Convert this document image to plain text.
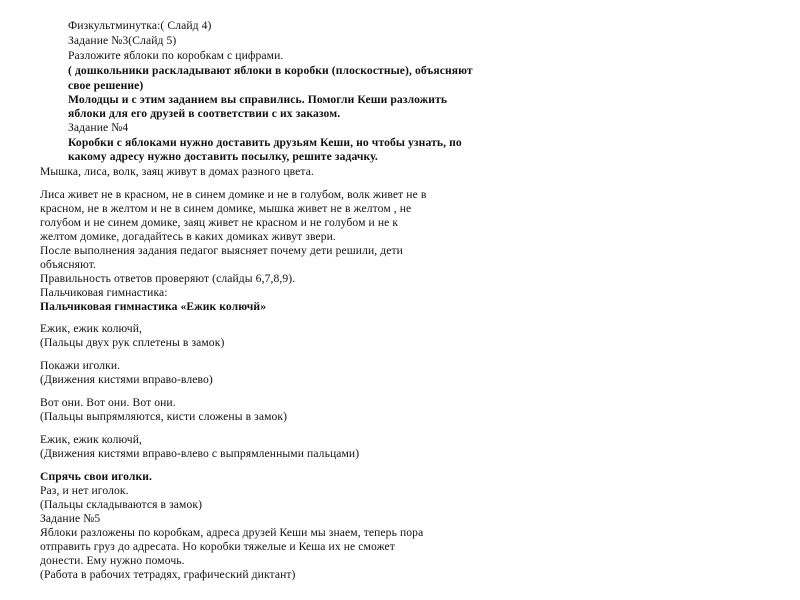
Физкультминутка:( Слайд 4)

Задание №3(Слайд 5)

Разложите яблоки по коробкам с цифрами.

( дошкольники раскладывают яблоки в коробки (плоскостные), объясняют

свое решение)

Молодцы и с этим заданием вы справились. Помогли Кеши разложить

яблоки для его друзей в соответствии с их заказом.

Задание №4

Коробки с яблоками нужно доставить друзьям Кеши, но чтобы узнать, по

какому адресу нужно доставить посылку, решите задачку.

Мышка, лиса, волк, заяц живут в домах разного цвета.

Лиса живет не в красном, не в синем домике и не в голубом, волк живет не в

красном, не в желтом и не в синем домике, мышка живет не в желтом , не

голубом и не синем домике, заяц живет не красном и не голубом и не к

желтом домике, догадайтесь в каких домиках живут звери.

После выполнения задания педагог выясняет почему дети решили, дети

объясняют.

Правильность ответов проверяют (слайды 6,7,8,9).

Пальчиковая гимнастика:

Пальчиковая гимнастика «Ежик колючй»

Ежик, ежик колючй,

(Пальцы двух рук сплетены в замок)

Покажи иголки.

(Движения кистями вправо-влево)

Вот они. Вот они. Вот они.

(Пальцы выпрямляются, кисти сложены в замок)

Ежик, ежик колючй,

(Движения кистями вправо-влево с выпрямленными пальцами)

Спрячь свои иголки.

Раз, и нет иголок.

(Пальцы складываются в замок)

Задание №5

Яблоки разложены по коробкам, адреса друзей Кеши мы знаем, теперь пора

отправить груз до адресата. Но коробки тяжелые и Кеша их не сможет

донести. Ему нужно помочь.

(Работа в рабочих тетрадях, графический диктант)
